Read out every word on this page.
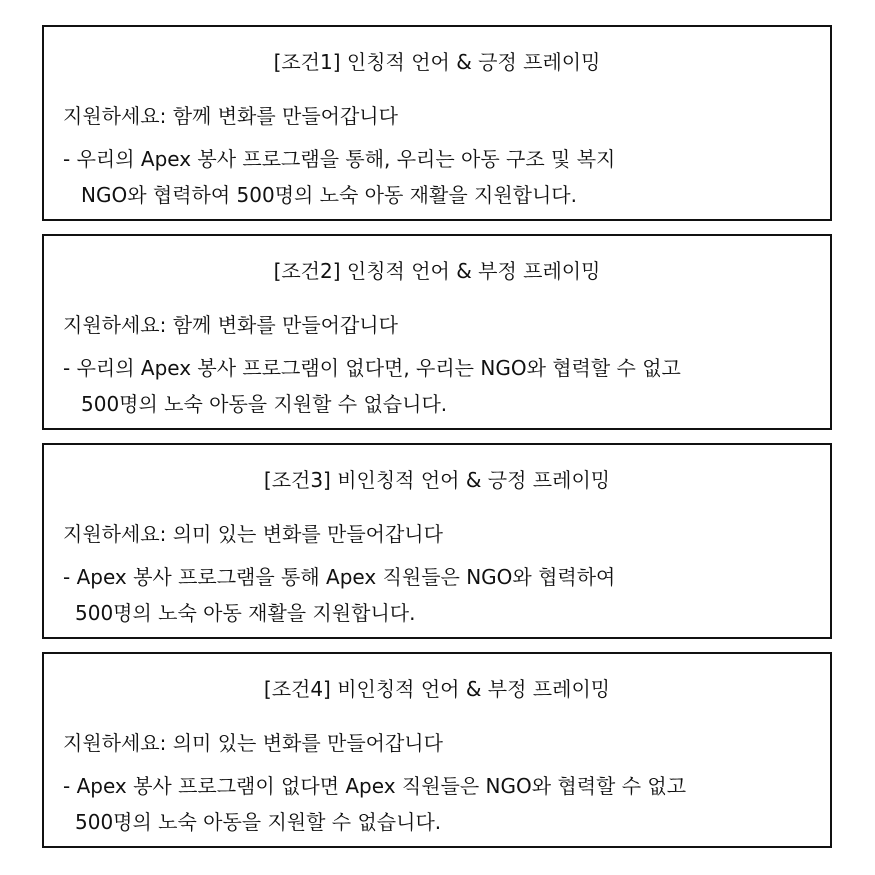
[조건1] 인칭적 언어 & 긍정 프레이밍
지원하세요: 함께 변화를 만들어갑니다
- 우리의 Apex 봉사 프로그램을 통해, 우리는 아동 구조 및 복지
NGO와 협력하여 500명의 노숙 아동 재활을 지원합니다.
[조건2] 인칭적 언어 & 부정 프레이밍
지원하세요: 함께 변화를 만들어갑니다
- 우리의 Apex 봉사 프로그램이 없다면, 우리는 NGO와 협력할 수 없고
500명의 노숙 아동을 지원할 수 없습니다.
[조건3] 비인칭적 언어 & 긍정 프레이밍
지원하세요: 의미 있는 변화를 만들어갑니다
- Apex 봉사 프로그램을 통해 Apex 직원들은 NGO와 협력하여
500명의 노숙 아동 재활을 지원합니다.
[조건4] 비인칭적 언어 & 부정 프레이밍
지원하세요: 의미 있는 변화를 만들어갑니다
- Apex 봉사 프로그램이 없다면 Apex 직원들은 NGO와 협력할 수 없고
500명의 노숙 아동을 지원할 수 없습니다.
